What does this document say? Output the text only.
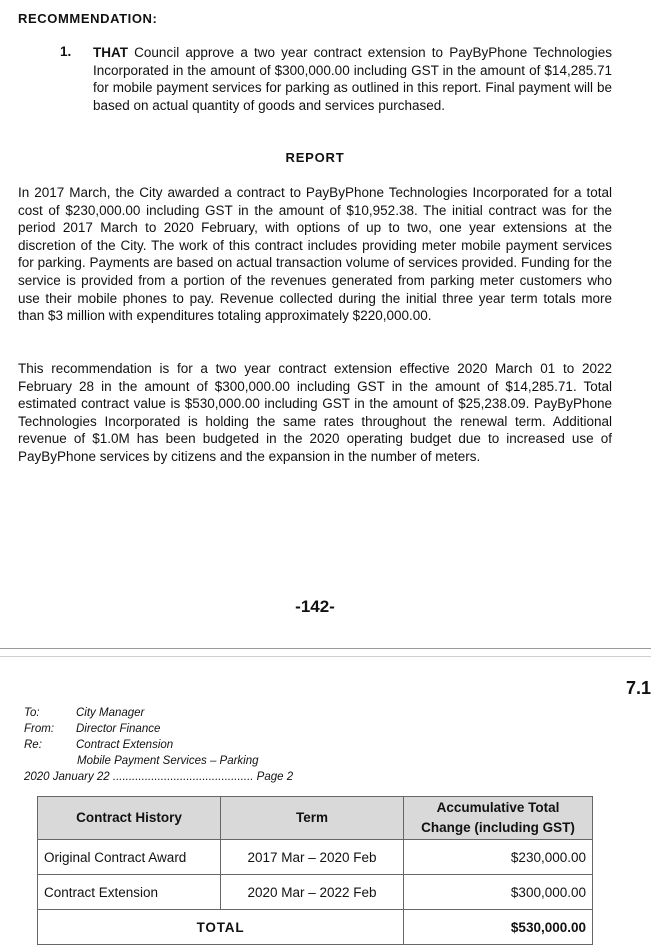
RECOMMENDATION:
1. THAT Council approve a two year contract extension to PayByPhone Technologies Incorporated in the amount of $300,000.00 including GST in the amount of $14,285.71 for mobile payment services for parking as outlined in this report. Final payment will be based on actual quantity of goods and services purchased.
REPORT
In 2017 March, the City awarded a contract to PayByPhone Technologies Incorporated for a total cost of $230,000.00 including GST in the amount of $10,952.38. The initial contract was for the period 2017 March to 2020 February, with options of up to two, one year extensions at the discretion of the City. The work of this contract includes providing meter mobile payment services for parking. Payments are based on actual transaction volume of services provided. Funding for the service is provided from a portion of the revenues generated from parking meter customers who use their mobile phones to pay. Revenue collected during the initial three year term totals more than $3 million with expenditures totaling approximately $220,000.00.
This recommendation is for a two year contract extension effective 2020 March 01 to 2022 February 28 in the amount of $300,000.00 including GST in the amount of $14,285.71. Total estimated contract value is $530,000.00 including GST in the amount of $25,238.09. PayByPhone Technologies Incorporated is holding the same rates throughout the renewal term. Additional revenue of $1.0M has been budgeted in the 2020 operating budget due to increased use of PayByPhone services by citizens and the expansion in the number of meters.
-142-
7.1
To:	City Manager
From: Director Finance
Re:	Contract Extension
Mobile Payment Services – Parking
2020 January 22 ............................................ Page 2
Contract History	Term	Accumulative Total Change (including GST)
Original Contract Award	2017 Mar – 2020 Feb	$230,000.00
Contract Extension	2020 Mar – 2022 Feb	$300,000.00
TOTAL		$530,000.00
